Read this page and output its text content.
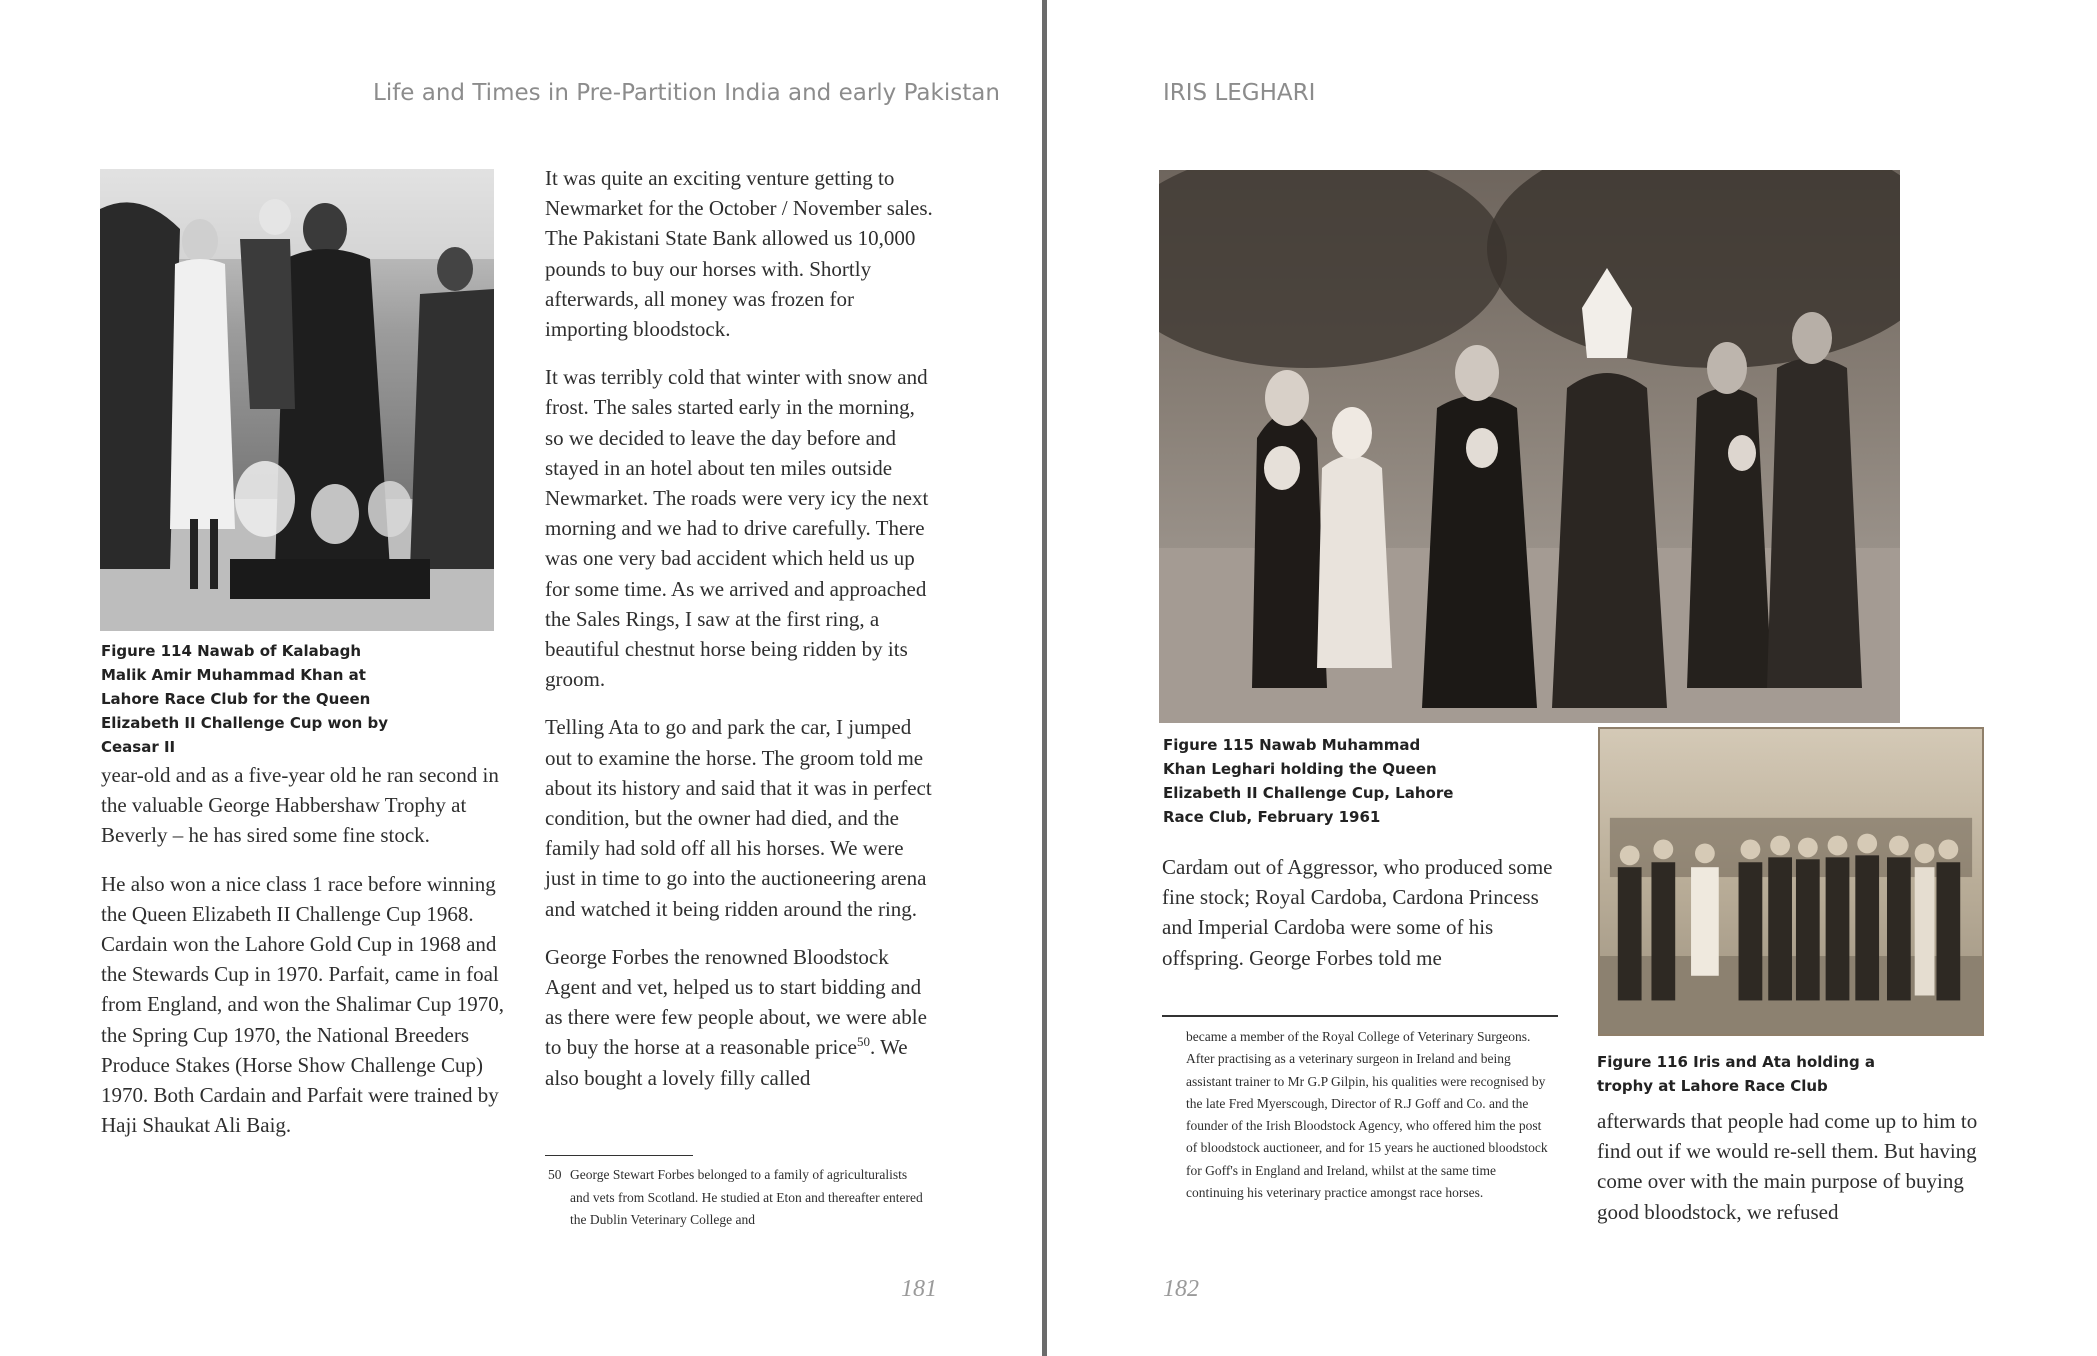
Life and Times in Pre-Partition India and early Pakistan
Figure 114 Nawab of Kalabagh Malik Amir Muhammad Khan at Lahore Race Club for the Queen Elizabeth II Challenge Cup won by Ceasar II

year-old and as a five-year old he ran second in the valuable George Habbershaw Trophy at Beverly – he has sired some fine stock.

He also won a nice class 1 race before winning the Queen Elizabeth II Challenge Cup 1968. Cardain won the Lahore Gold Cup in 1968 and the Stewards Cup in 1970. Parfait, came in foal from England, and won the Shalimar Cup 1970, the Spring Cup 1970, the National Breeders Produce Stakes (Horse Show Challenge Cup) 1970. Both Cardain and Parfait were trained by Haji Shaukat Ali Baig.

It was quite an exciting venture getting to Newmarket for the October / November sales. The Pakistani State Bank allowed us 10,000 pounds to buy our horses with. Shortly afterwards, all money was frozen for importing bloodstock.

It was terribly cold that winter with snow and frost. The sales started early in the morning, so we decided to leave the day before and stayed in an hotel about ten miles outside Newmarket. The roads were very icy the next morning and we had to drive carefully. There was one very bad accident which held us up for some time. As we arrived and approached the Sales Rings, I saw at the first ring, a beautiful chestnut horse being ridden by its groom.

Telling Ata to go and park the car, I jumped out to examine the horse. The groom told me about its history and said that it was in perfect condition, but the owner had died, and the family had sold off all his horses. We were just in time to go into the auctioneering arena and watched it being ridden around the ring.

George Forbes the renowned Bloodstock Agent and vet, helped us to start bidding and as there were few people about, we were able to buy the horse at a reasonable price$^{50}$. We also bought a lovely filly called

50 George Stewart Forbes belonged to a family of agriculturalists and vets from Scotland. He studied at Eton and thereafter entered the Dublin Veterinary College and
181
IRIS LEGHARI
Figure 115 Nawab Muhammad Khan Leghari holding the Queen Elizabeth II Challenge Cup, Lahore Race Club, February 1961

Cardam out of Aggressor, who produced some fine stock; Royal Cardoba, Cardona Princess and Imperial Cardoba were some of his offspring. George Forbes told me

became a member of the Royal College of Veterinary Surgeons. After practising as a veterinary surgeon in Ireland and being assistant trainer to Mr G.P Gilpin, his qualities were recognised by the late Fred Myerscough, Director of R.J Goff and Co. and the founder of the Irish Bloodstock Agency, who offered him the post of bloodstock auctioneer, and for 15 years he auctioned bloodstock for Goff's in England and Ireland, whilst at the same time continuing his veterinary practice amongst race horses.
Figure 116 Iris and Ata holding a trophy at Lahore Race Club

afterwards that people had come up to him to find out if we would re-sell them. But having come over with the main purpose of buying good bloodstock, we refused

182
